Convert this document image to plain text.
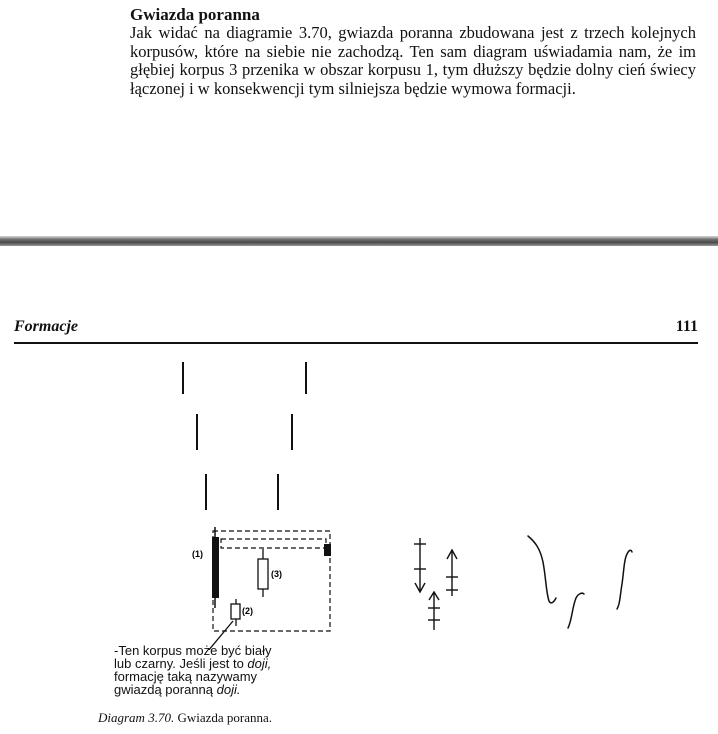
Gwiazda poranna

Jak widać na diagramie 3.70, gwiazda poranna zbudowana jest z trzech kolejnych korpusów, które na siebie nie zachodzą. Ten sam diagram uświadamia nam, że im głębiej korpus 3 przenika w obszar korpusu 1, tym dłuższy będzie dolny cień świecy łączonej i w konsekwencji tym silniejsza będzie wymowa formacji.

Formacje	111
(1)
(2)
(3)

-Ten korpus może być biały
lub czarny. Jeśli jest to doji,
formację taką nazywamy
gwiazdą poranną doji.

Diagram 3.70. Gwiazda poranna.
